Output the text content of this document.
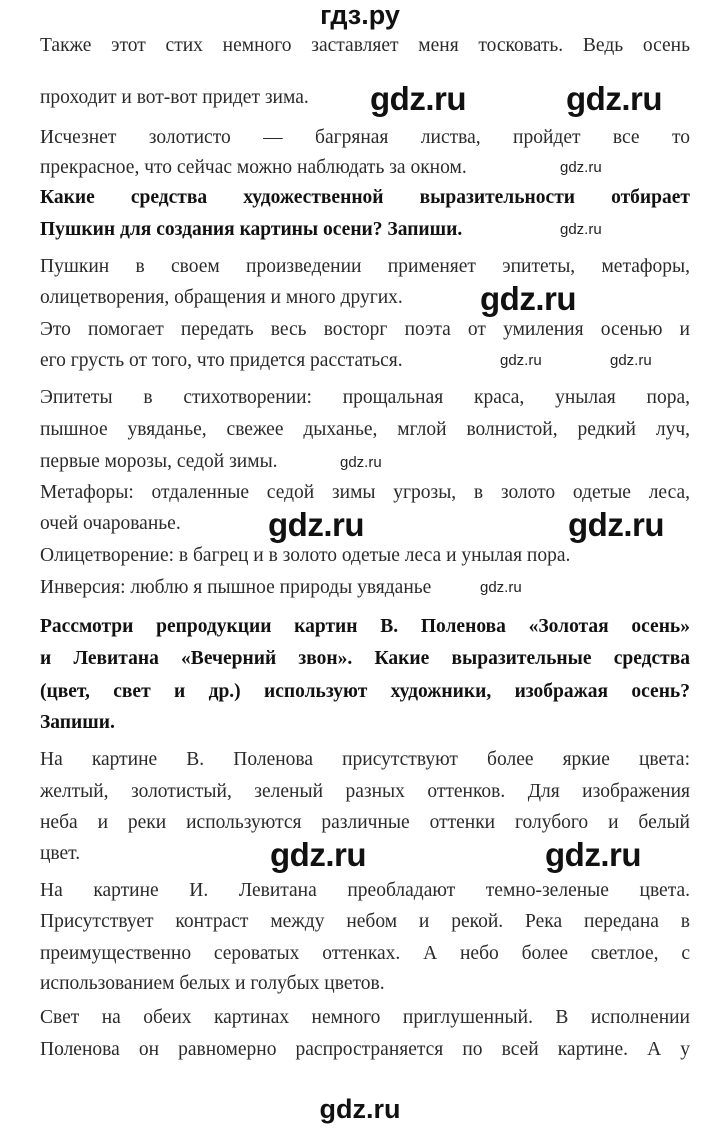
гдз.ру
Также этот стих немного заставляет меня тосковать. Ведь осень
проходит и вот-вот придет зима.
Исчезнет золотисто — багряная листва, пройдет все то
прекрасное, что сейчас можно наблюдать за окном.
Какие средства художественной выразительности отбирает
Пушкин для создания картины осени? Запиши.
Пушкин в своем произведении применяет эпитеты, метафоры,
олицетворения, обращения и много других.
Это помогает передать весь восторг поэта от умиления осенью и
его грусть от того, что придется расстаться.
Эпитеты в стихотворении: прощальная краса, унылая пора,
пышное увяданье, свежее дыханье, мглой волнистой, редкий луч,
первые морозы, седой зимы.
Метафоры: отдаленные седой зимы угрозы, в золото одетые леса,
очей очарованье.
Олицетворение: в багрец и в золото одетые леса и унылая пора.
Инверсия: люблю я пышное природы увяданье
Рассмотри репродукции картин В. Поленова «Золотая осень»
и Левитана «Вечерний звон». Какие выразительные средства
(цвет, свет и др.) используют художники, изображая осень?
Запиши.
На картине В. Поленова присутствуют более яркие цвета:
желтый, золотистый, зеленый разных оттенков. Для изображения
неба и реки используются различные оттенки голубого и белый
цвет.
На картине И. Левитана преобладают темно-зеленые цвета.
Присутствует контраст между небом и рекой. Река передана в
преимущественно сероватых оттенках. А небо более светлое, с
использованием белых и голубых цветов.
Свет на обеих картинах немного приглушенный. В исполнении
Поленова он равномерно распространяется по всей картине. А у
gdz.ru	gdz.ru
gdz.ru
gdz.ru	gdz.ru
gdz.ru	gdz.ru
gdz.ru
gdz.ru
gdz.ru	gdz.ru
gdz.ru
gdz.ru
gdz.ru
